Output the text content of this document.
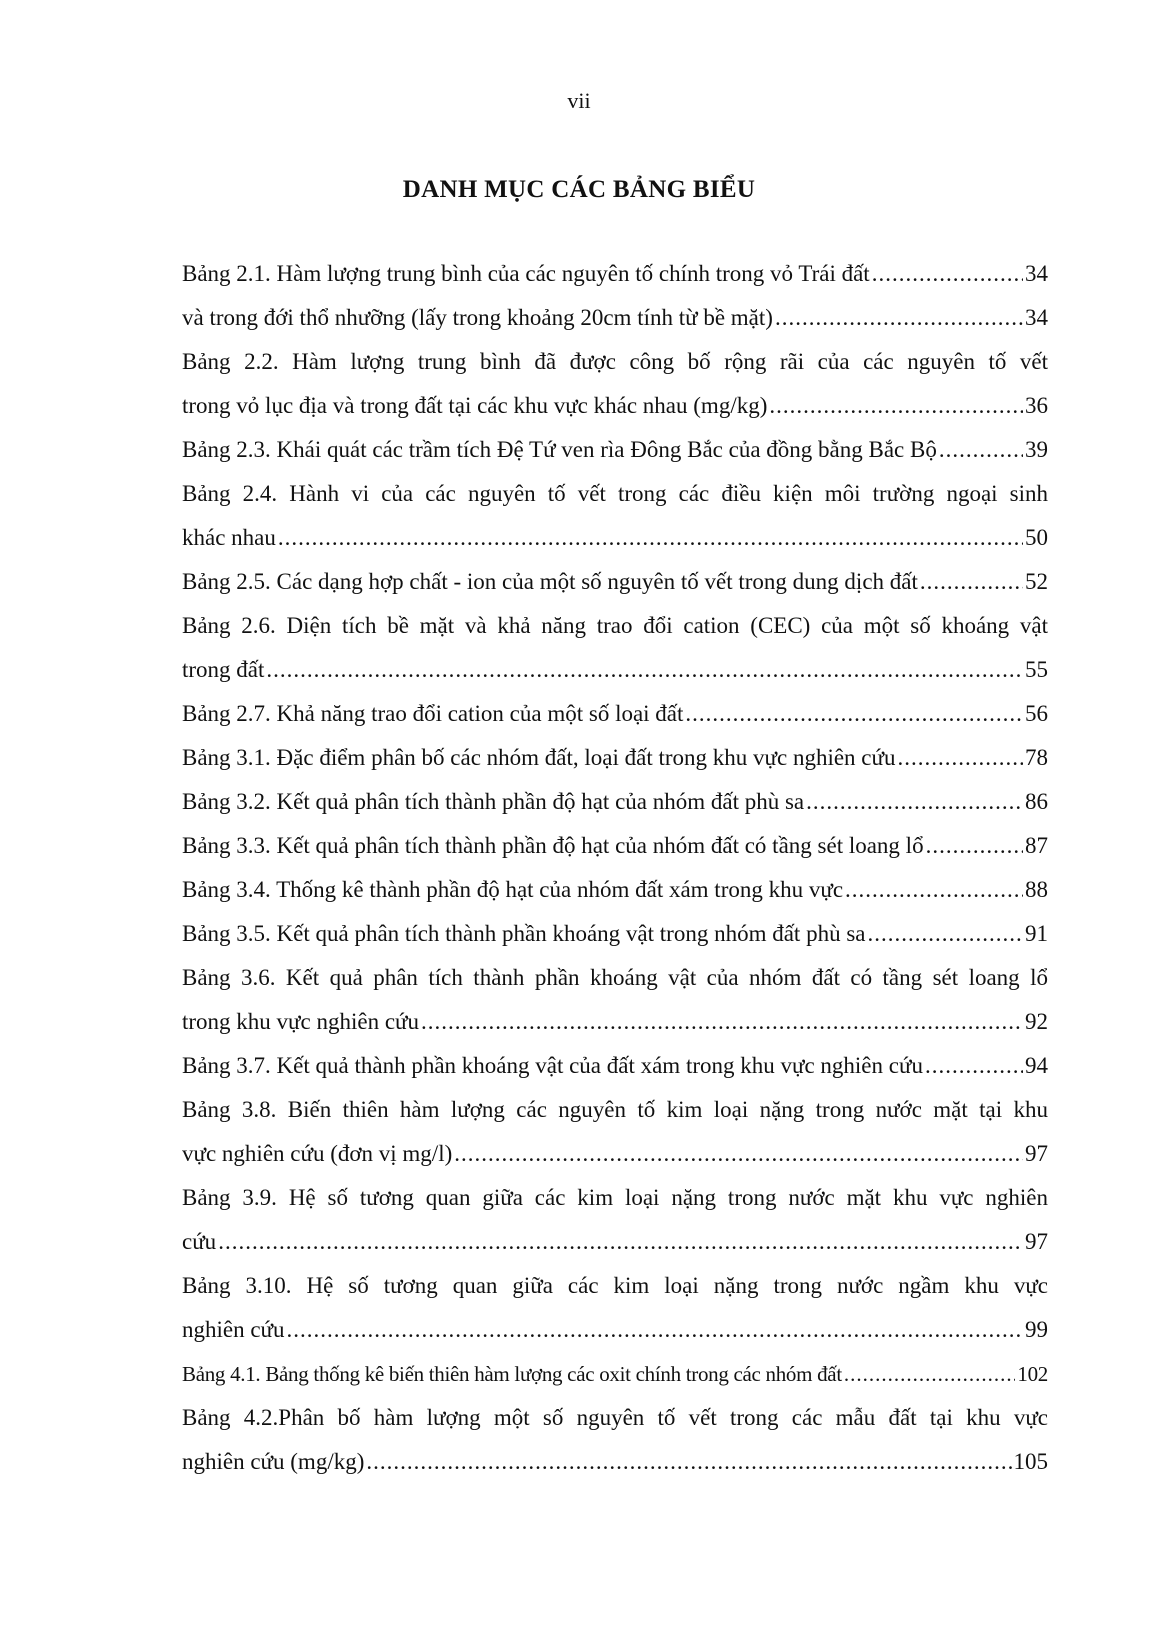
vii
DANH MỤC CÁC BẢNG BIỂU
Bảng 2.1. Hàm lượng trung bình của các nguyên tố chính trong vỏ Trái đất .....	34
và trong đới thổ nhưỡng (lấy trong khoảng 20cm tính từ bề mặt) .....	34
Bảng 2.2. Hàm lượng trung bình đã được công bố rộng rãi của các nguyên tố vết
trong vỏ lục địa và trong đất tại các khu vực khác nhau (mg/kg) .....	36
Bảng 2.3. Khái quát các trầm tích Đệ Tứ ven rìa Đông Bắc của đồng bằng Bắc Bộ .....	39
Bảng 2.4. Hành vi của các nguyên tố vết trong các điều kiện môi trường ngoại sinh
khác nhau .....	50
Bảng 2.5. Các dạng hợp chất - ion của một số nguyên tố vết trong dung dịch đất .....	52
Bảng 2.6. Diện tích bề mặt và khả năng trao đổi cation (CEC) của một số khoáng vật
trong đất .....	55
Bảng 2.7. Khả năng trao đổi cation của một số loại đất .....	56
Bảng 3.1. Đặc điểm phân bố các nhóm đất, loại đất trong khu vực nghiên cứu .....	78
Bảng 3.2. Kết quả phân tích thành phần độ hạt của nhóm đất phù sa .....	86
Bảng 3.3. Kết quả phân tích thành phần độ hạt của nhóm đất có tầng sét loang lổ .....	87
Bảng 3.4. Thống kê thành phần độ hạt của nhóm đất xám trong khu vực .....	88
Bảng 3.5. Kết quả phân tích thành phần khoáng vật trong nhóm đất phù sa .....	91
Bảng 3.6. Kết quả phân tích thành phần khoáng vật của nhóm đất có tầng sét loang lổ
trong khu vực nghiên cứu .....	92
Bảng 3.7. Kết quả thành phần khoáng vật của đất xám trong khu vực nghiên cứu .....	94
Bảng 3.8. Biến thiên hàm lượng các nguyên tố kim loại nặng trong nước mặt tại khu
vực nghiên cứu (đơn vị mg/l) .....	97
Bảng 3.9. Hệ số tương quan giữa các kim loại nặng trong nước mặt khu vực nghiên
cứu .....	97
Bảng 3.10. Hệ số tương quan giữa các kim loại nặng trong nước ngầm khu vực
nghiên cứu .....	99
Bảng 4.1. Bảng thống kê biến thiên hàm lượng các oxit chính trong các nhóm đất .....	102
Bảng 4.2.Phân bố hàm lượng một số nguyên tố vết trong các mẫu đất tại khu vực
nghiên cứu (mg/kg) .....	105
